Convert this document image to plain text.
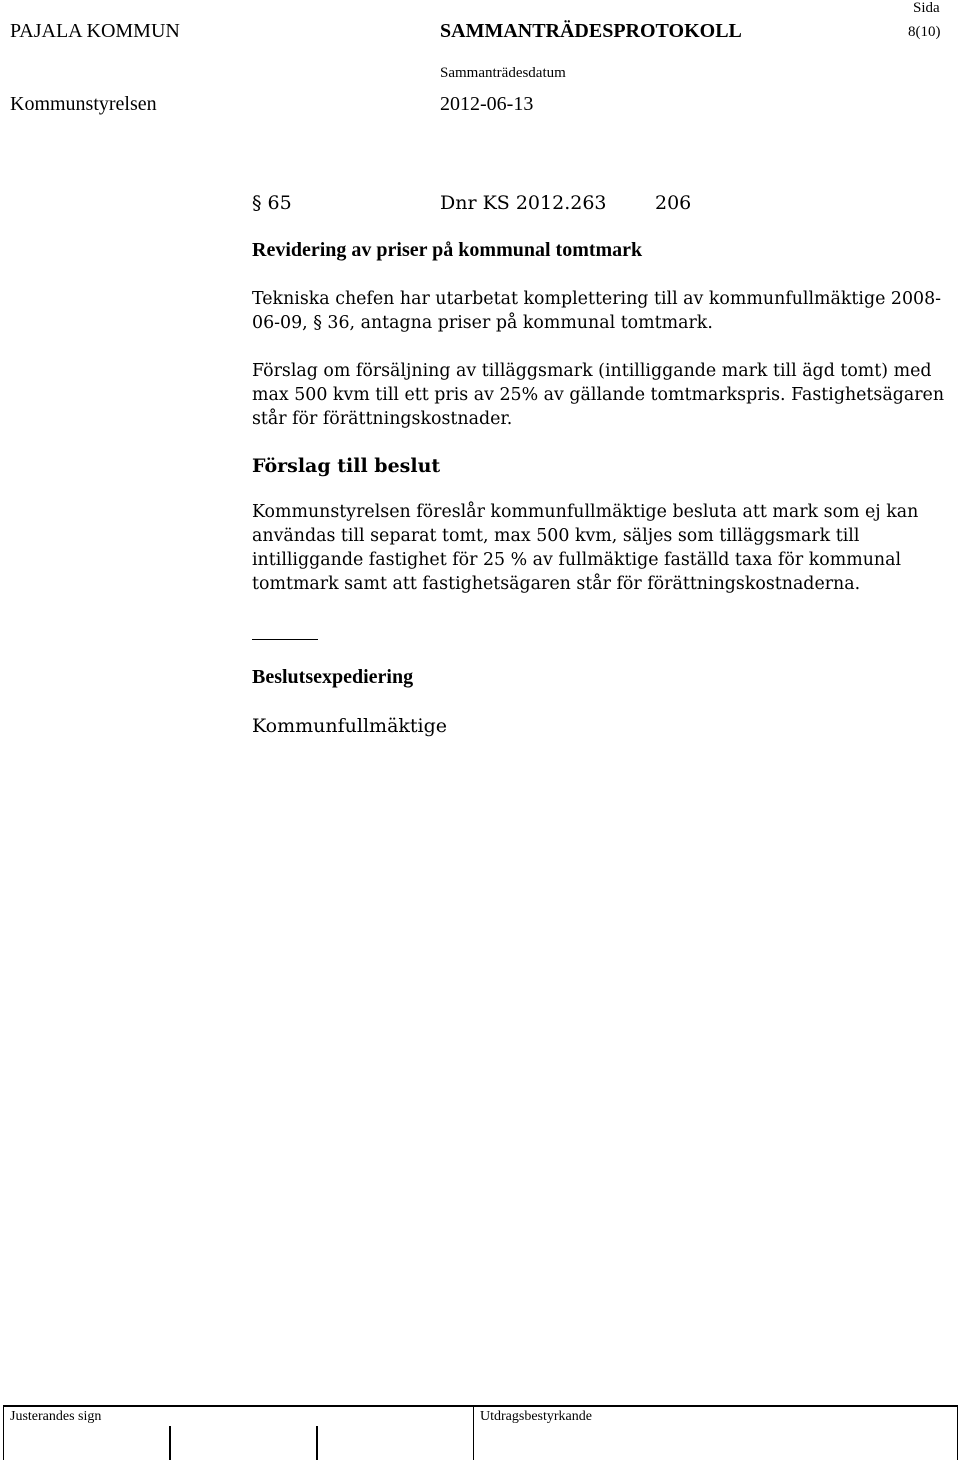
PAJALA KOMMUN	SAMMANTRÄDESPROTOKOLL
Sida
8(10)
Sammanträdesdatum
Kommunstyrelsen	2012-06-13
§ 65	Dnr KS 2012.263	206
Revidering av priser på kommunal tomtmark
Tekniska chefen har utarbetat komplettering till av kommunfullmäktige 2008-06-09, § 36, antagna priser på kommunal tomtmark.
Förslag om försäljning av tilläggsmark (intilliggande mark till ägd tomt) med max 500 kvm till ett pris av 25% av gällande tomtmarkspris. Fastighetsägaren står för förättningskostnader.
Förslag till beslut
Kommunstyrelsen föreslår kommunfullmäktige besluta att mark som ej kan användas till separat tomt, max 500 kvm, säljes som tilläggsmark till intilliggande fastighet för 25 % av fullmäktige faställd taxa för kommunal tomtmark samt att fastighetsägaren står för förättningskostnaderna.
Beslutsexpediering
Kommunfullmäktige
Justerandes sign	Utdragsbestyrkande
